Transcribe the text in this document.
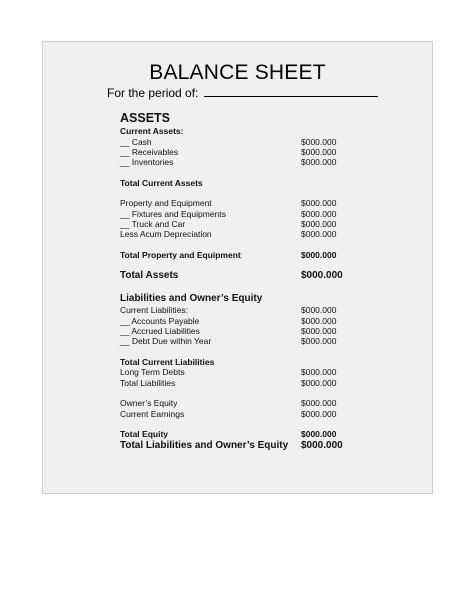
BALANCE SHEET
For the period of:
ASSETS
Current Assets:
__ Cash	$000.000
__ Receivables	$000.000
__ Inventories	$000.000
Total Current Assets
Property and Equipment	$000.000
__ Fixtures and Equipments	$000.000
__ Truck and Car	$000.000
Less Acum Depreciation	$000.000
Total Property and Equipment	$000.000
Total Assets	$000.000
Liabilities and Owner’s Equity
Current Liabilities:	$000.000
__ Accounts Payable	$000.000
__ Accrued Liabilities	$000.000
__ Debt Due within Year	$000.000
Total Current Liabilities
Long Term Debts	$000.000
Total Liabilities	$000.000
Owner’s Equity	$000.000
Current Earnings	$000.000
Total Equity	$000.000
Total Liabilities and Owner’s Equity	$000.000
